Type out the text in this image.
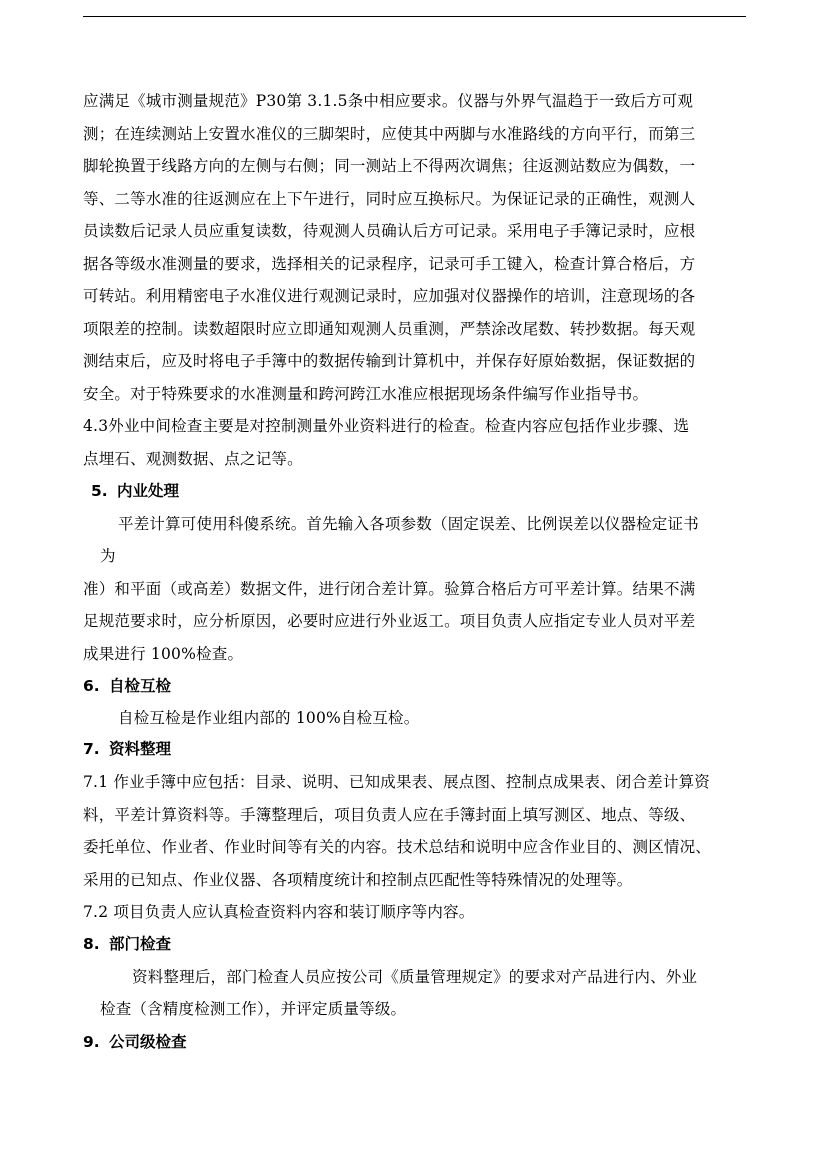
应满足《城市测量规范》P30第 3.1.5条中相应要求。仪器与外界气温趋于一致后方可观
测；在连续测站上安置水准仪的三脚架时，应使其中两脚与水准路线的方向平行，而第三
脚轮换置于线路方向的左侧与右侧；同一测站上不得两次调焦；往返测站数应为偶数，一
等、二等水准的往返测应在上下午进行，同时应互换标尺。为保证记录的正确性，观测人
员读数后记录人员应重复读数，待观测人员确认后方可记录。采用电子手簿记录时，应根
据各等级水准测量的要求，选择相关的记录程序，记录可手工键入，检查计算合格后，方
可转站。利用精密电子水准仪进行观测记录时，应加强对仪器操作的培训，注意现场的各
项限差的控制。读数超限时应立即通知观测人员重测，严禁涂改尾数、转抄数据。每天观
测结束后，应及时将电子手簿中的数据传输到计算机中，并保存好原始数据，保证数据的
安全。对于特殊要求的水准测量和跨河跨江水准应根据现场条件编写作业指导书。
4.3外业中间检查主要是对控制测量外业资料进行的检查。检查内容应包括作业步骤、选
点埋石、观测数据、点之记等。
5. 内业处理
平差计算可使用科傻系统。首先输入各项参数（固定误差、比例误差以仪器检定证书
为
准）和平面（或高差）数据文件，进行闭合差计算。验算合格后方可平差计算。结果不满
足规范要求时，应分析原因，必要时应进行外业返工。项目负责人应指定专业人员对平差
成果进行 100%检查。
6. 自检互检
自检互检是作业组内部的 100%自检互检。
7. 资料整理
7.1 作业手簿中应包括：目录、说明、已知成果表、展点图、控制点成果表、闭合差计算资
料，平差计算资料等。手簿整理后，项目负责人应在手簿封面上填写测区、地点、等级、
委托单位、作业者、作业时间等有关的内容。技术总结和说明中应含作业目的、测区情况、
采用的已知点、作业仪器、各项精度统计和控制点匹配性等特殊情况的处理等。
7.2 项目负责人应认真检查资料内容和装订顺序等内容。
8. 部门检查
资料整理后，部门检查人员应按公司《质量管理规定》的要求对产品进行内、外业
检查（含精度检测工作），并评定质量等级。
9. 公司级检查
